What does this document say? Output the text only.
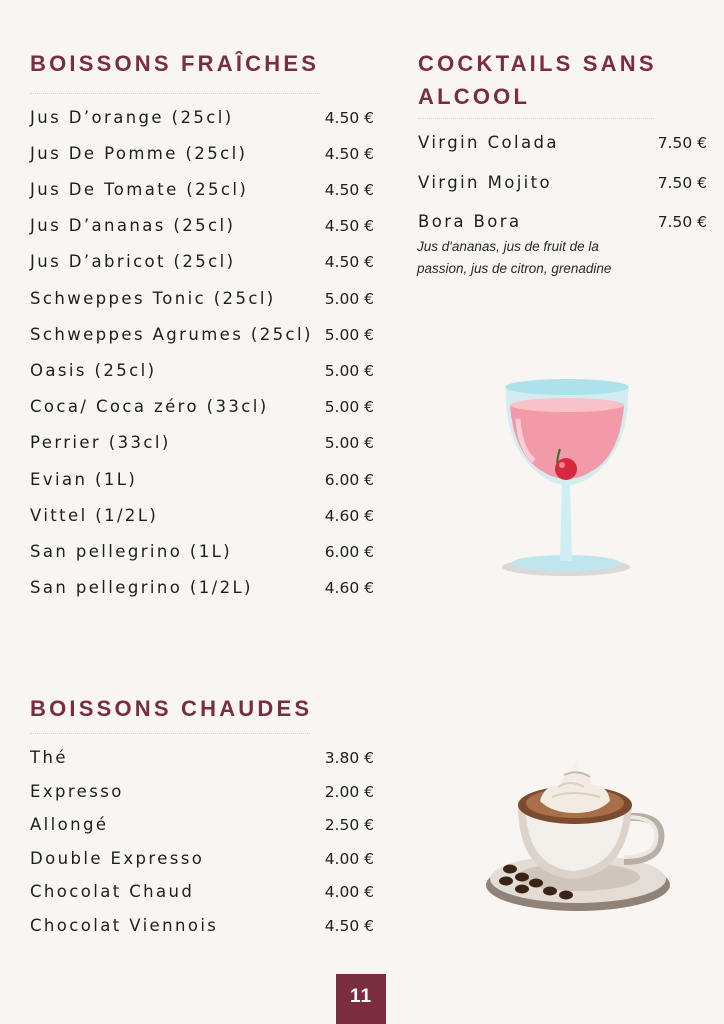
BOISSONS FRAÎCHES
Jus D’orange (25cl)	4.50 €
Jus De Pomme (25cl)	4.50 €
Jus De Tomate (25cl)	4.50 €
Jus D’ananas (25cl)	4.50 €
Jus D’abricot (25cl)	4.50 €
Schweppes Tonic (25cl)	5.00 €
Schweppes Agrumes (25cl) 5.00 €
Oasis (25cl)	5.00 €
Coca/ Coca zéro (33cl)	5.00 €
Perrier (33cl)	5.00 €
Evian (1L)	6.00 €
Vittel (1/2L)	4.60 €
San pellegrino (1L)	6.00 €
San pellegrino (1/2L)	4.60 €
COCKTAILS SANS
ALCOOL
Virgin Colada	7.50 €
Virgin Mojito	7.50 €
Bora Bora	7.50 €

Jus d'ananas, jus de fruit de la passion, jus de citron, grenadine

BOISSONS CHAUDES
Thé	3.80 €
Expresso	2.00 €
Allongé	2.50 €
Double Expresso	4.00 €
Chocolat Chaud	4.00 €
Chocolat Viennois	4.50 €
11
